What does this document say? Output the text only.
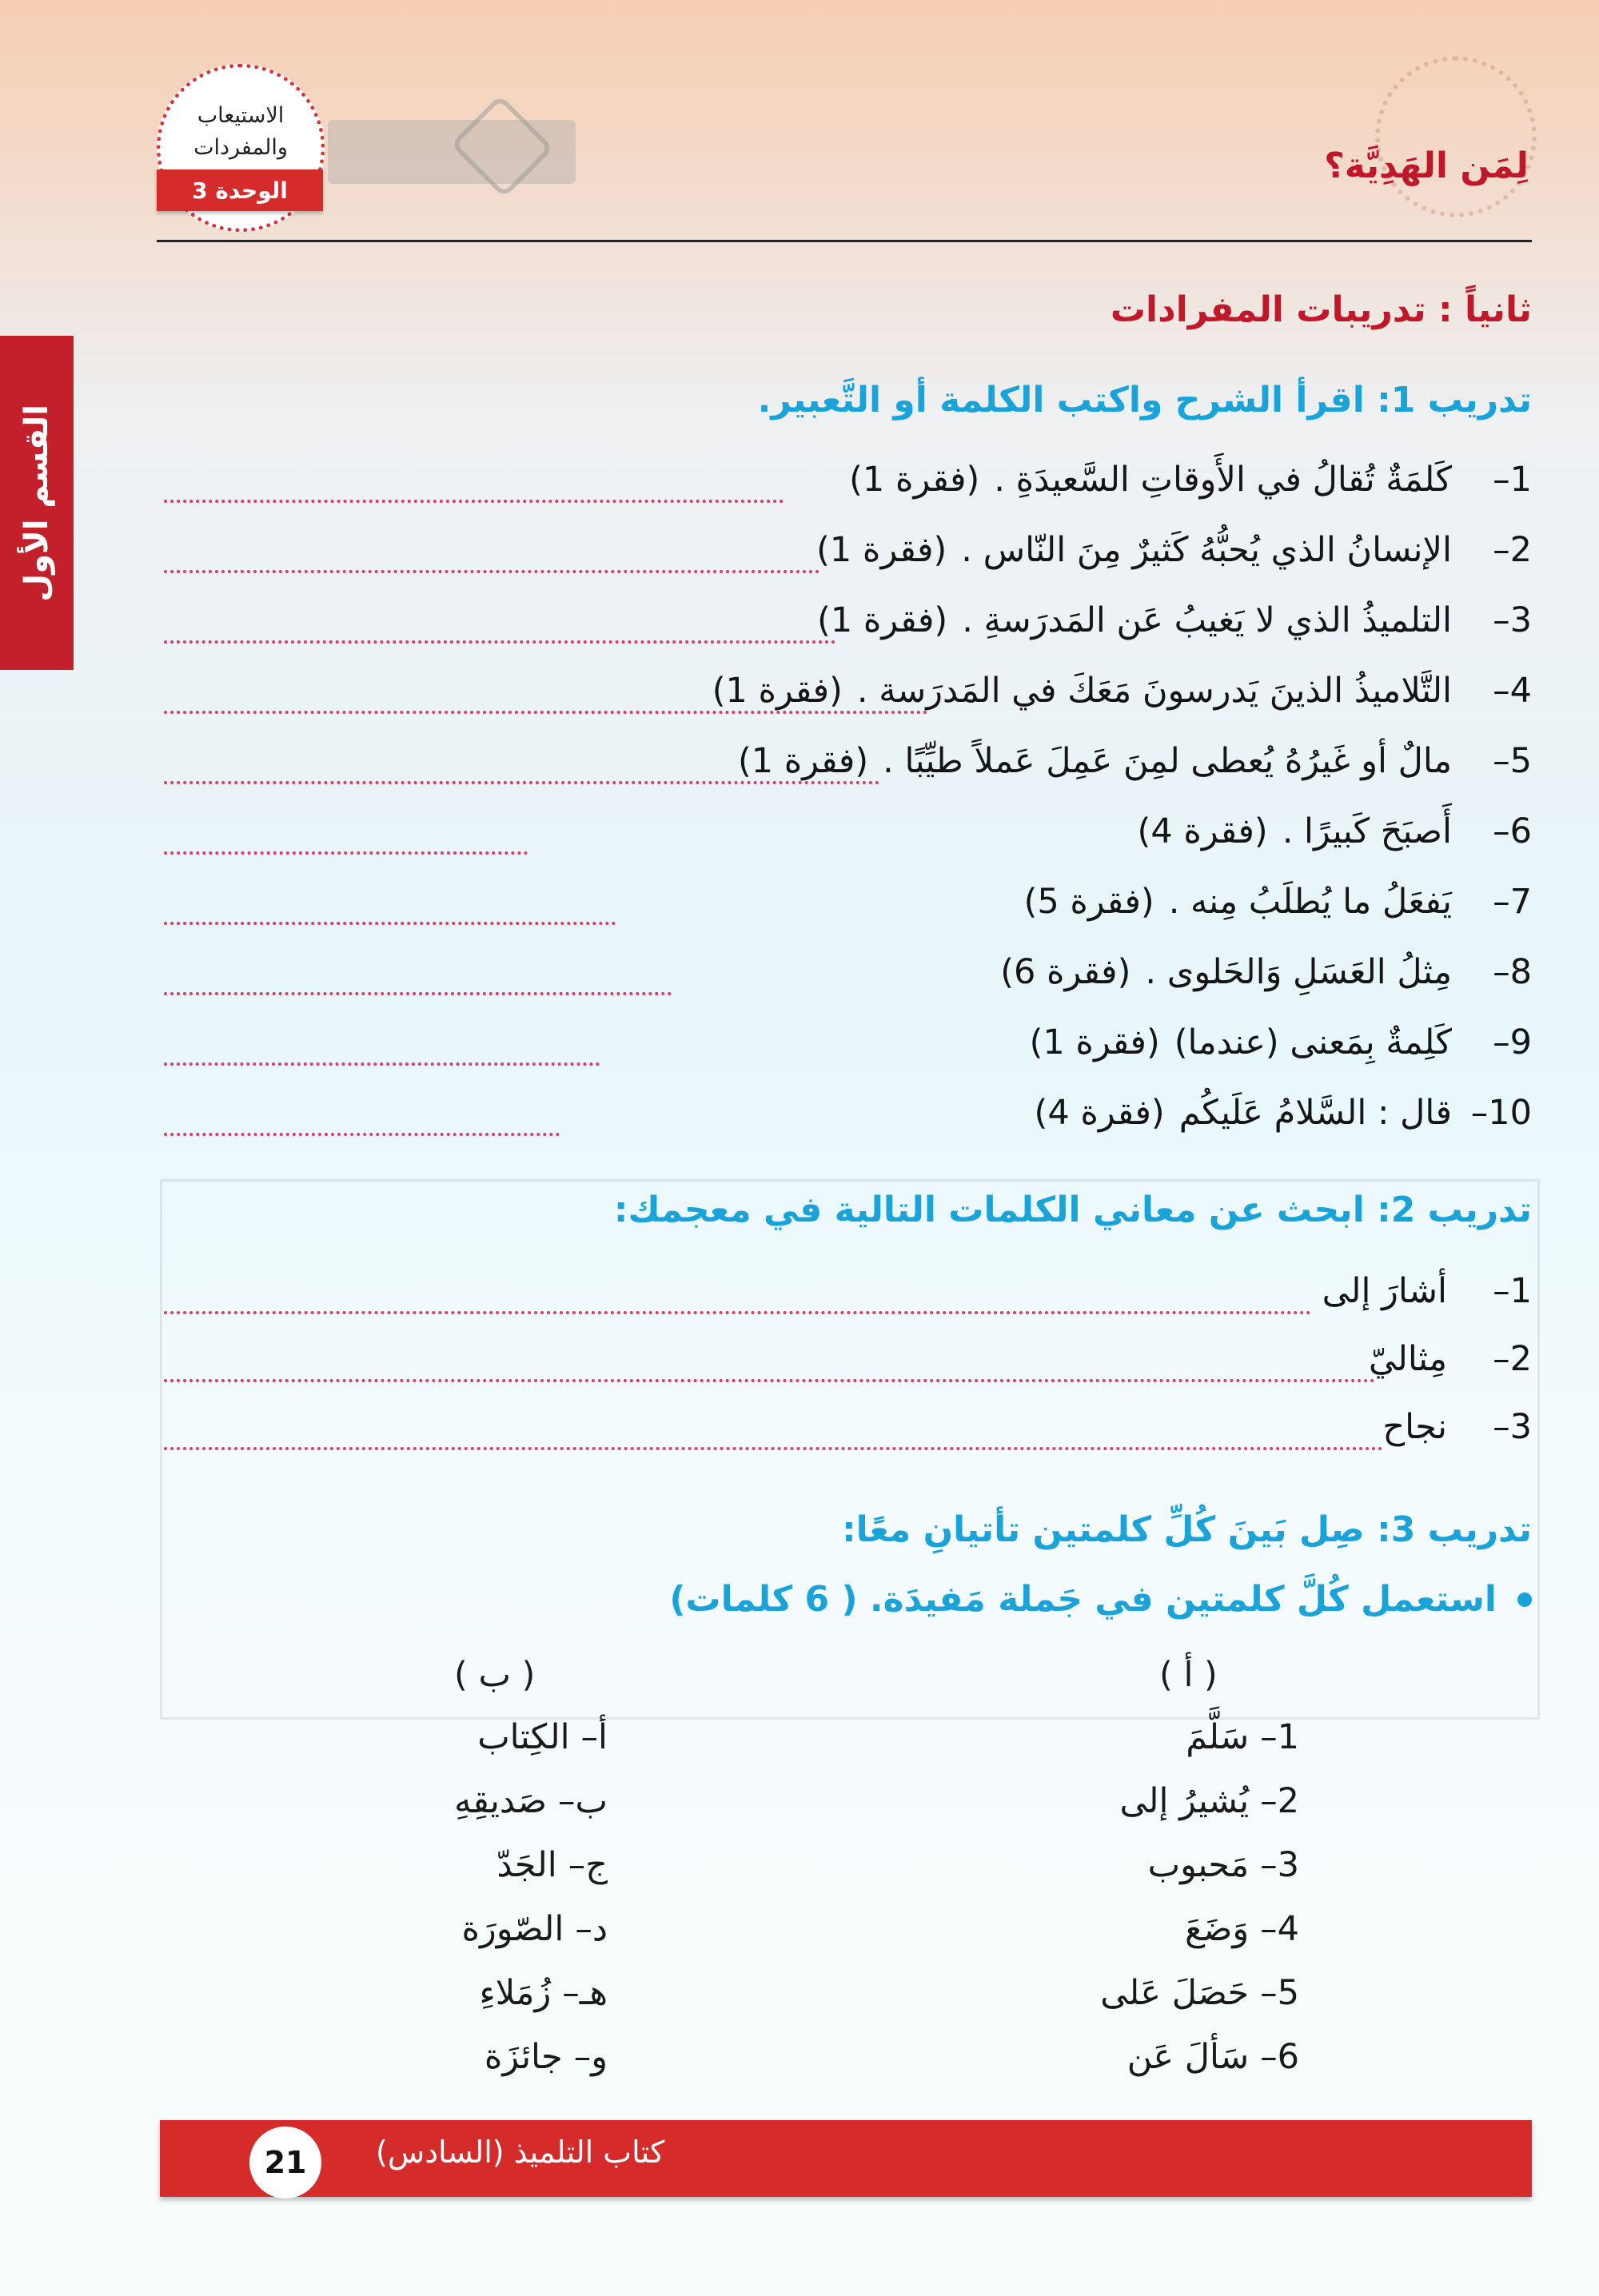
الاستيعاب
والمفردات
الوحدة 3
لِمَن الهَدِيَّة؟
القسم الأول
ثانياً : تدريبات المفرادات
تدريب 1: اقرأ الشرح واكتب الكلمة أو التَّعبير.
1–
كَلمَةٌ تُقالُ في الأَوقاتِ السَّعيدَةِ .
(فقرة 1)
2–
الإنسانُ الذي يُحبُّهُ كَثيرٌ مِنَ النّاس .
(فقرة 1)
3–
التلميذُ الذي لا يَغيبُ عَن المَدرَسةِ .
(فقرة 1)
4–
التَّلاميذُ الذينَ يَدرسونَ مَعَكَ في المَدرَسة .
(فقرة 1)
5–
مالٌ أو غَيرُهُ يُعطى لمِنَ عَمِلَ عَملاً طيِّبًا .
(فقرة 1)
6–
أَصبَحَ كَبيرًا .
(فقرة 4)
7–
يَفعَلُ ما يُطلَبُ مِنه .
(فقرة 5)
8–
مِثلُ العَسَلِ وَالحَلوى .
(فقرة 6)
9–
كَلِمةٌ بِمَعنى (عندما)
(فقرة 1)
10–
قال : السَّلامُ عَلَيكُم
(فقرة 4)
تدريب 2: ابحث عن معاني الكلمات التالية في معجمك:
1–
أشارَ إلى
2–
مِثاليّ
3–
نجاح
تدريب 3: صِل بَينَ كُلِّ كلمتين تأتيانِ معًا:
استعمل كُلَّ كلمتين في جَملة مَفيدَة. ( 6 كلمات)
( أ )
( ب )
1–سَلَّمَ
2–يُشيرُ إلى
3–مَحبوب
4–وَضَعَ
5–حَصَلَ عَلى
6–سَألَ عَن
أ–الكِتاب
ب–صَديقِهِ
ج–الجَدّ
د–الصّورَة
هـ–زُمَلاءِ
و–جائزَة
21	كتاب التلميذ (السادس)
